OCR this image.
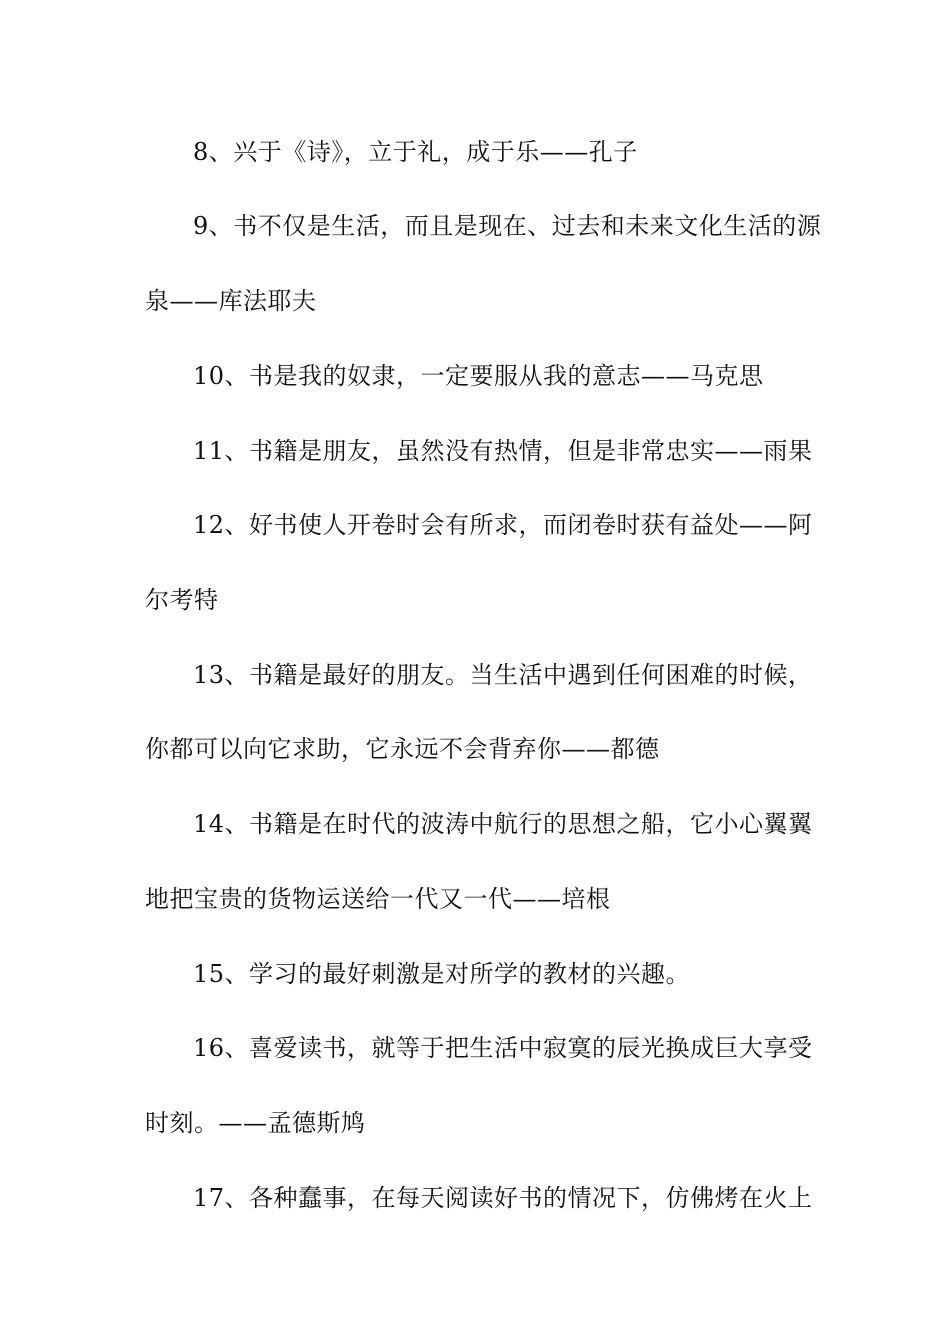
8、兴于《诗》，立于礼，成于乐——孔子
9、书不仅是生活，而且是现在、过去和未来文化生活的源
泉——库法耶夫
10、书是我的奴隶，一定要服从我的意志——马克思
11、书籍是朋友，虽然没有热情，但是非常忠实——雨果
12、好书使人开卷时会有所求，而闭卷时获有益处——阿
尔考特
13、书籍是最好的朋友。当生活中遇到任何困难的时候，
你都可以向它求助，它永远不会背弃你——都德
14、书籍是在时代的波涛中航行的思想之船，它小心翼翼
地把宝贵的货物运送给一代又一代——培根
15、学习的最好刺激是对所学的教材的兴趣。
16、喜爱读书，就等于把生活中寂寞的辰光换成巨大享受
时刻。——孟德斯鸠
17、各种蠢事，在每天阅读好书的情况下，仿佛烤在火上
